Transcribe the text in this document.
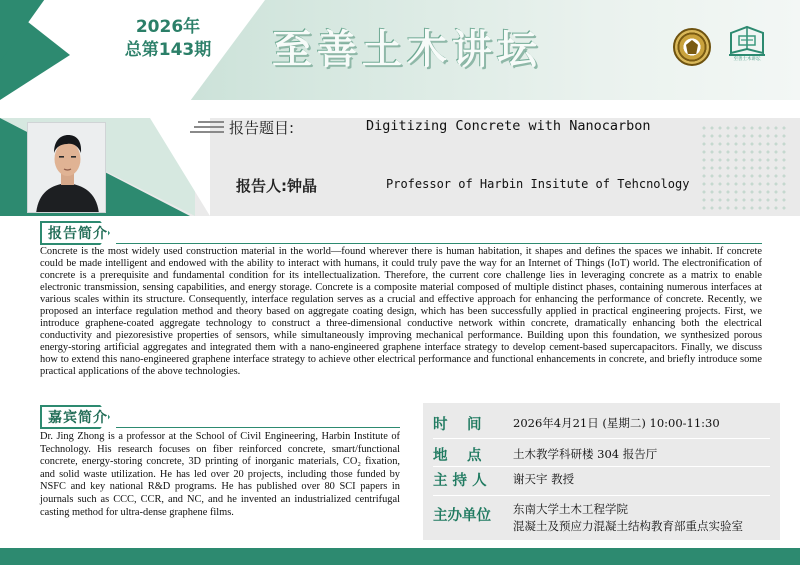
2026年
总第143期	至善土木讲坛	至善土木讲坛
报告题目:	Digitizing Concrete with Nanocarbon
报告人:钟晶	Professor of Harbin Insitute of Tehcnology
报告简介
Concrete is the most widely used construction material in the world—found wherever there is human habitation, it shapes and defines the spaces we inhabit. If concrete could be made intelligent and endowed with the ability to interact with humans, it could truly pave the way for an Internet of Things (IoT) world. The electronification of concrete is a prerequisite and fundamental condition for its intellectualization. Therefore, the current core challenge lies in leveraging concrete as a matrix to enable electronic transmission, sensing capabilities, and energy storage. Concrete is a composite material composed of multiple distinct phases, containing numerous interfaces at various scales within its structure. Consequently, interface regulation serves as a crucial and effective approach for enhancing the performance of concrete. Recently, we proposed an interface regulation method and theory based on aggregate coating design, which has been successfully applied in practical engineering projects. First, we introduce graphene-coated aggregate technology to construct a three-dimensional conductive network within concrete, dramatically enhancing both the electrical conductivity and piezoresistive properties of sensors, while simultaneously improving mechanical performance. Building upon this foundation, we synthesized porous energy-storing artificial aggregates and integrated them with a nano-engineered graphene interface strategy to develop cement-based supercapacitors. Finally, we discuss how to extend this nano-engineered graphene interface strategy to achieve other electrical performance and functional enhancements in concrete, and briefly introduce some practical applications of the above technologies.
嘉宾简介
Dr. Jing Zhong is a professor at the School of Civil Engineering, Harbin Institute of Technology. His research focuses on fiber reinforced concrete, smart/functional concrete, energy-storing concrete, 3D printing of inorganic materials, CO₂ fixation, and solid waste utilization. He has led over 20 projects, including those funded by NSFC and key national R&D programs. He has published over 80 SCI papers in journals such as CCC, CCR, and NC, and he invented an industrialized centrifugal casting method for ultra-dense graphene films.
时　 间	2026年4月21日 (星期二) 10:00-11:30
地　 点	土木教学科研楼 304 报告厅
主 持 人 谢天宇 教授
主办单位 东南大学土木工程学院
混凝土及预应力混凝土结构教育部重点实验室
